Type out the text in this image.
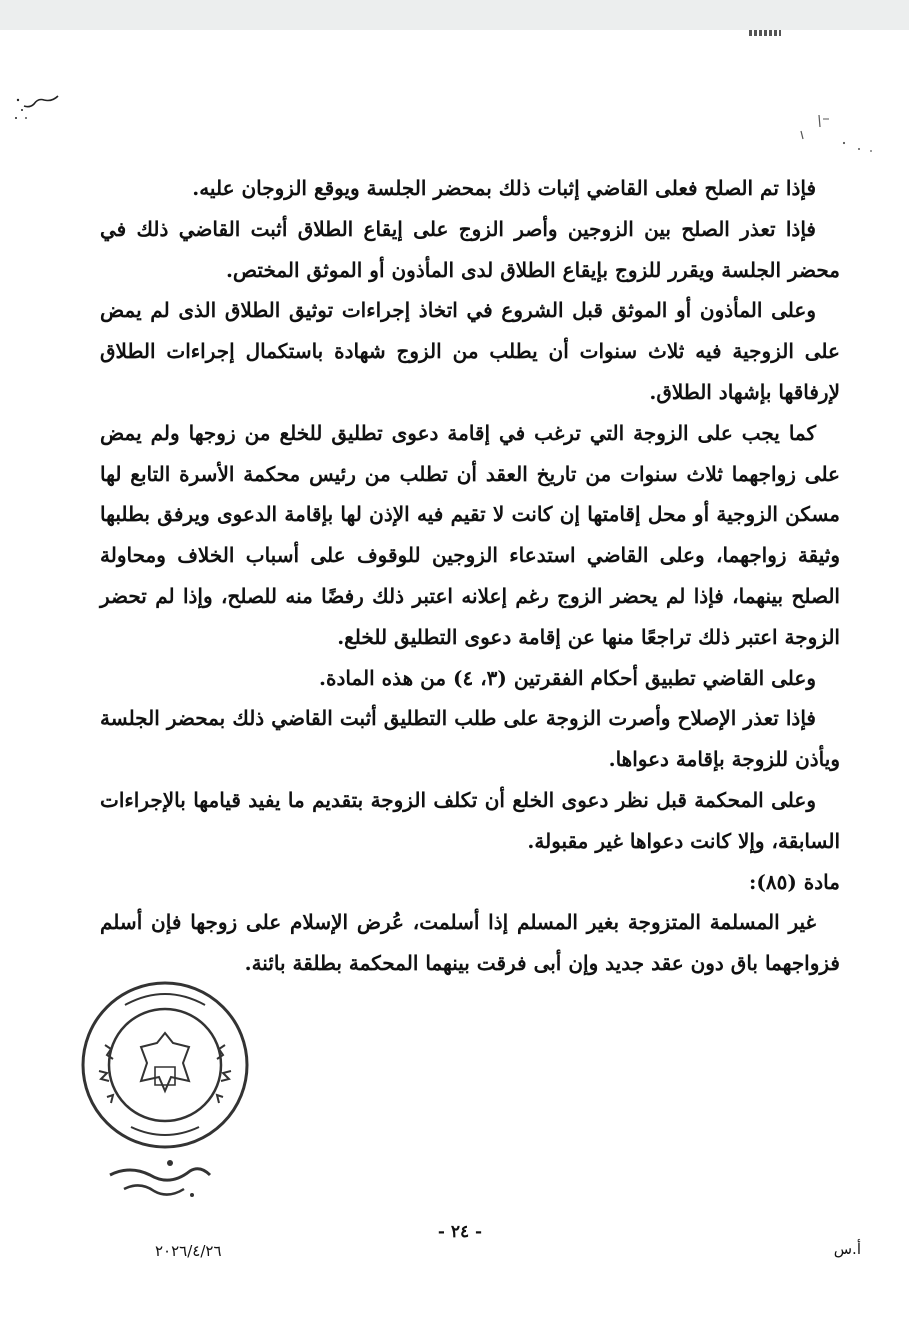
فإذا تم الصلح فعلى القاضي إثبات ذلك بمحضر الجلسة ويوقع الزوجان عليه.

فإذا تعذر الصلح بين الزوجين وأصر الزوج على إيقاع الطلاق أثبت القاضي ذلك في محضر الجلسة ويقرر للزوج بإيقاع الطلاق لدى المأذون أو الموثق المختص.

وعلى المأذون أو الموثق قبل الشروع في اتخاذ إجراءات توثيق الطلاق الذى لم يمض على الزوجية فيه ثلاث سنوات أن يطلب من الزوج شهادة باستكمال إجراءات الطلاق لإرفاقها بإشهاد الطلاق.

كما يجب على الزوجة التي ترغب في إقامة دعوى تطليق للخلع من زوجها ولم يمض على زواجهما ثلاث سنوات من تاريخ العقد أن تطلب من رئيس محكمة الأسرة التابع لها مسكن الزوجية أو محل إقامتها إن كانت لا تقيم فيه الإذن لها بإقامة الدعوى ويرفق بطلبها وثيقة زواجهما، وعلى القاضي استدعاء الزوجين للوقوف على أسباب الخلاف ومحاولة الصلح بينهما، فإذا لم يحضر الزوج رغم إعلانه اعتبر ذلك رفضًا منه للصلح، وإذا لم تحضر الزوجة اعتبر ذلك تراجعًا منها عن إقامة دعوى التطليق للخلع.

وعلى القاضي تطبيق أحكام الفقرتين (٣، ٤) من هذه المادة.

فإذا تعذر الإصلاح وأصرت الزوجة على طلب التطليق أثبت القاضي ذلك بمحضر الجلسة ويأذن للزوجة بإقامة دعواها.

وعلى المحكمة قبل نظر دعوى الخلع أن تكلف الزوجة بتقديم ما يفيد قيامها بالإجراءات السابقة، وإلا كانت دعواها غير مقبولة.

مادة (٨٥):

غير المسلمة المتزوجة بغير المسلم إذا أسلمت، عُرض الإسلام على زوجها فإن أسلم فزواجهما باق دون عقد جديد وإن أبى فرقت بينهما المحكمة بطلقة بائنة.

- ٢٤ -
٢٠٢٦/٤/٢٦	أ.س
